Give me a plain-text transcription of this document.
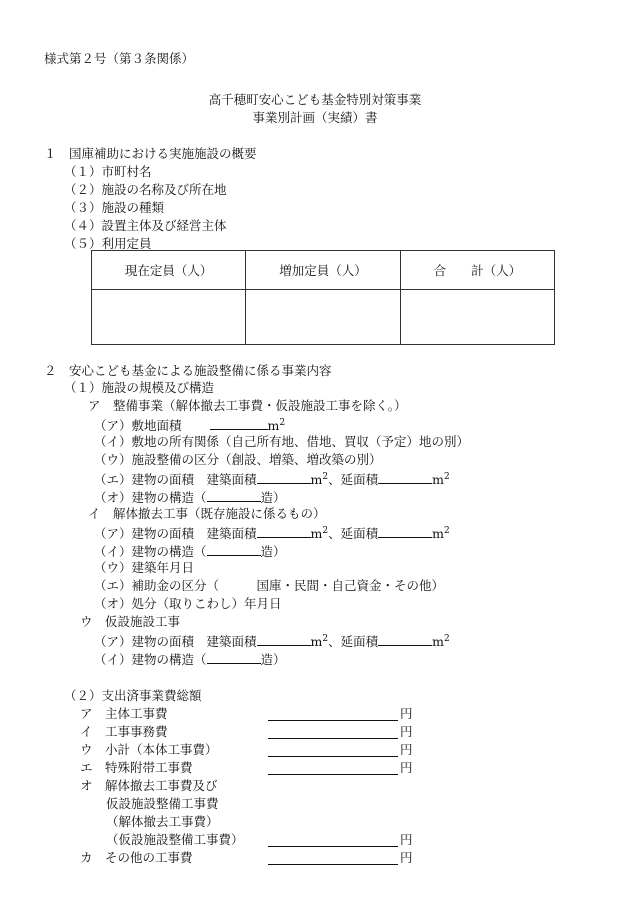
様式第２号（第３条関係）
高千穂町安心こども基金特別対策事業
事業別計画（実績）書
１　国庫補助における実施施設の概要
（１）市町村名
（２）施設の名称及び所在地
（３）施設の種類
（４）設置主体及び経営主体
（５）利用定員
現在定員（人）	増加定員（人）	合　　計（人）

２　安心こども基金による施設整備に係る事業内容
（１）施設の規模及び構造
ア　整備事業（解体撤去工事費・仮設施設工事を除く。）
（ア）敷地面積	$m^2$
（イ）敷地の所有関係（自己所有地、借地、買収（予定）地の別）
（ウ）施設整備の区分（創設、増築、増改築の別）
（エ）建物の面積　建築面積	$m^2$、延面積	$m^2$
（オ）建物の構造（	造）
イ　解体撤去工事（既存施設に係るもの）
（ア）建物の面積　建築面積	$m^2$、延面積	$m^2$
（イ）建物の構造（	造）
（ウ）建築年月日
（エ）補助金の区分（　　　国庫・民間・自己資金・その他）
（オ）処分（取りこわし）年月日
ウ　仮設施設工事
（ア）建物の面積　建築面積	$m^2$、延面積	$m^2$
（イ）建物の構造（	造）
（２）支出済事業費総額
ア　主体工事費	円
イ　工事事務費	円
ウ　小計（本体工事費）	円
エ　特殊附帯工事費	円
オ　解体撤去工事費及び
仮設施設整備工事費
（解体撤去工事費）
（仮設施設整備工事費）	円
カ　その他の工事費	円
